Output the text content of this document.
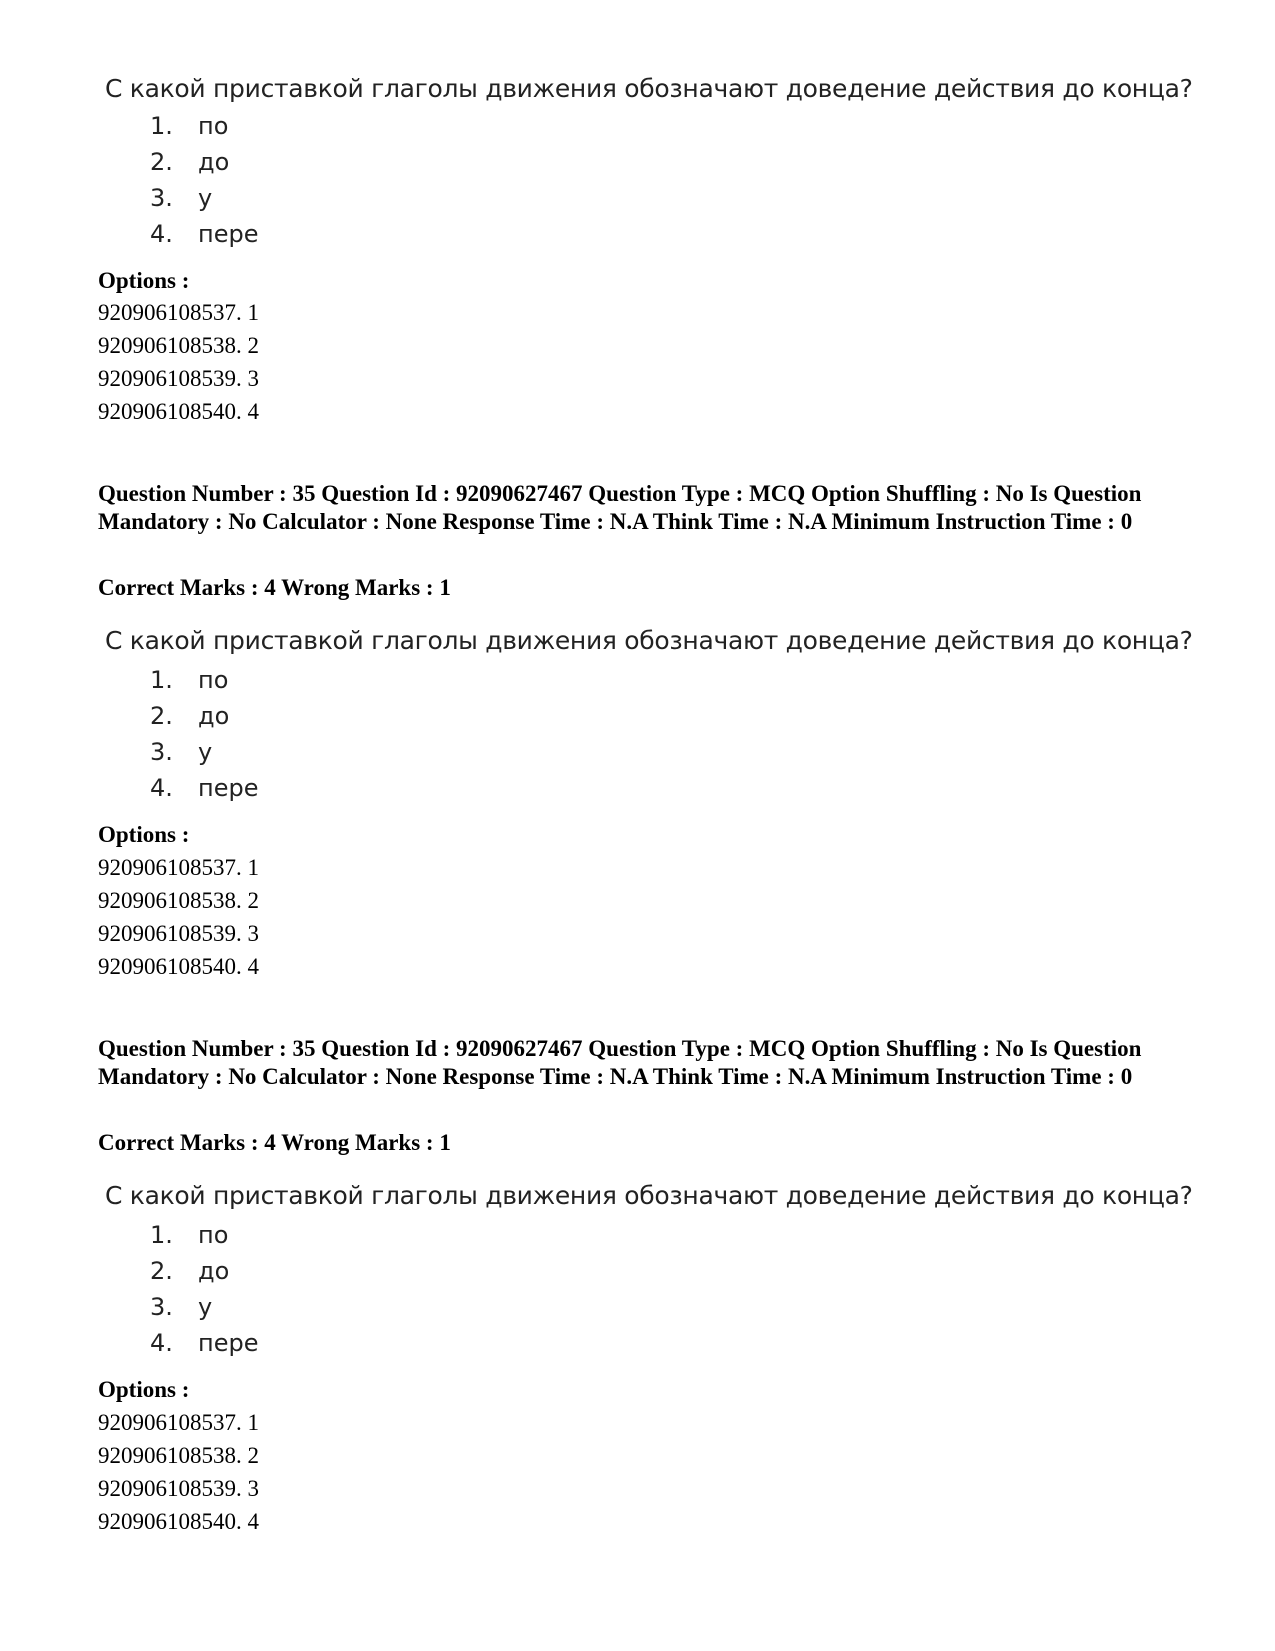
С какой приставкой глаголы движения обозначают доведение действия до конца?
1. по
2. до
3. у
4. пере
Options :
920906108537. 1
920906108538. 2
920906108539. 3
920906108540. 4
Question Number : 35 Question Id : 92090627467 Question Type : MCQ Option Shuffling : No Is Question Mandatory : No Calculator : None Response Time : N.A Think Time : N.A Minimum Instruction Time : 0
Correct Marks : 4 Wrong Marks : 1
С какой приставкой глаголы движения обозначают доведение действия до конца?
1. по
2. до
3. у
4. пере
Options :
920906108537. 1
920906108538. 2
920906108539. 3
920906108540. 4
Question Number : 35 Question Id : 92090627467 Question Type : MCQ Option Shuffling : No Is Question Mandatory : No Calculator : None Response Time : N.A Think Time : N.A Minimum Instruction Time : 0
Correct Marks : 4 Wrong Marks : 1
С какой приставкой глаголы движения обозначают доведение действия до конца?
1. по
2. до
3. у
4. пере
Options :
920906108537. 1
920906108538. 2
920906108539. 3
920906108540. 4
